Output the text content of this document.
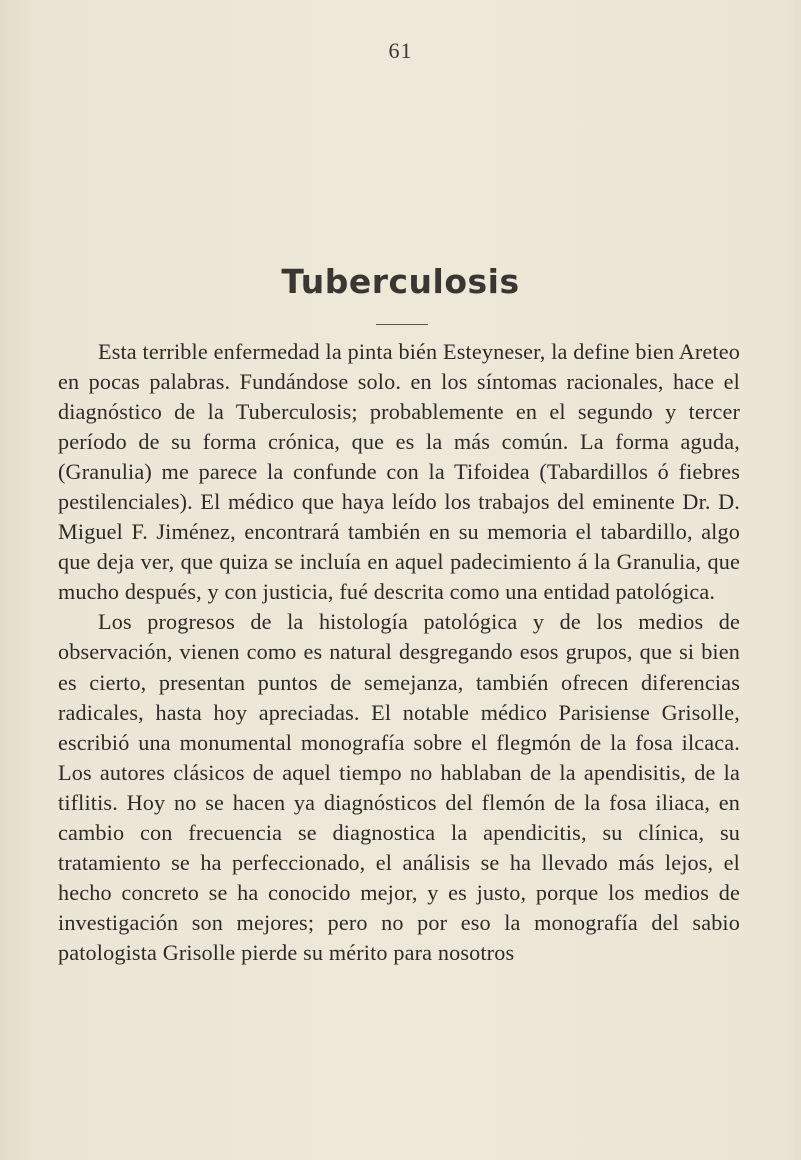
61
Tuberculosis

Esta terrible enfermedad la pinta bién Esteyneser, la define bien Areteo en pocas palabras. Fundándose solo. en los síntomas racionales, hace el diagnóstico de la Tuberculosis; probablemente en el segundo y tercer período de su forma crónica, que es la más común. La forma aguda, (Granulia) me parece la confunde con la Tifoidea (Tabardillos ó fiebres pestilenciales). El médico que haya leído los trabajos del eminente Dr. D. Miguel F. Jiménez, encontrará también en su memoria el tabardillo, algo que deja ver, que quiza se incluía en aquel padecimiento á la Granulia, que mucho después, y con justicia, fué descrita como una entidad patológica.

Los progresos de la histología patológica y de los medios de observación, vienen como es natural desgregando esos grupos, que si bien es cierto, presentan puntos de semejanza, también ofrecen diferencias radicales, hasta hoy apreciadas. El notable médico Parisiense Grisolle, escribió una monumental monografía sobre el flegmón de la fosa ilcaca. Los autores clásicos de aquel tiempo no hablaban de la apendisitis, de la tiflitis. Hoy no se hacen ya diagnósticos del flemón de la fosa iliaca, en cambio con frecuencia se diagnostica la apendicitis, su clínica, su tratamiento se ha perfeccionado, el análisis se ha llevado más lejos, el hecho concreto se ha conocido mejor, y es justo, porque los medios de investigación son mejores; pero no por eso la monografía del sabio patologista Grisolle pierde su mérito para nosotros
